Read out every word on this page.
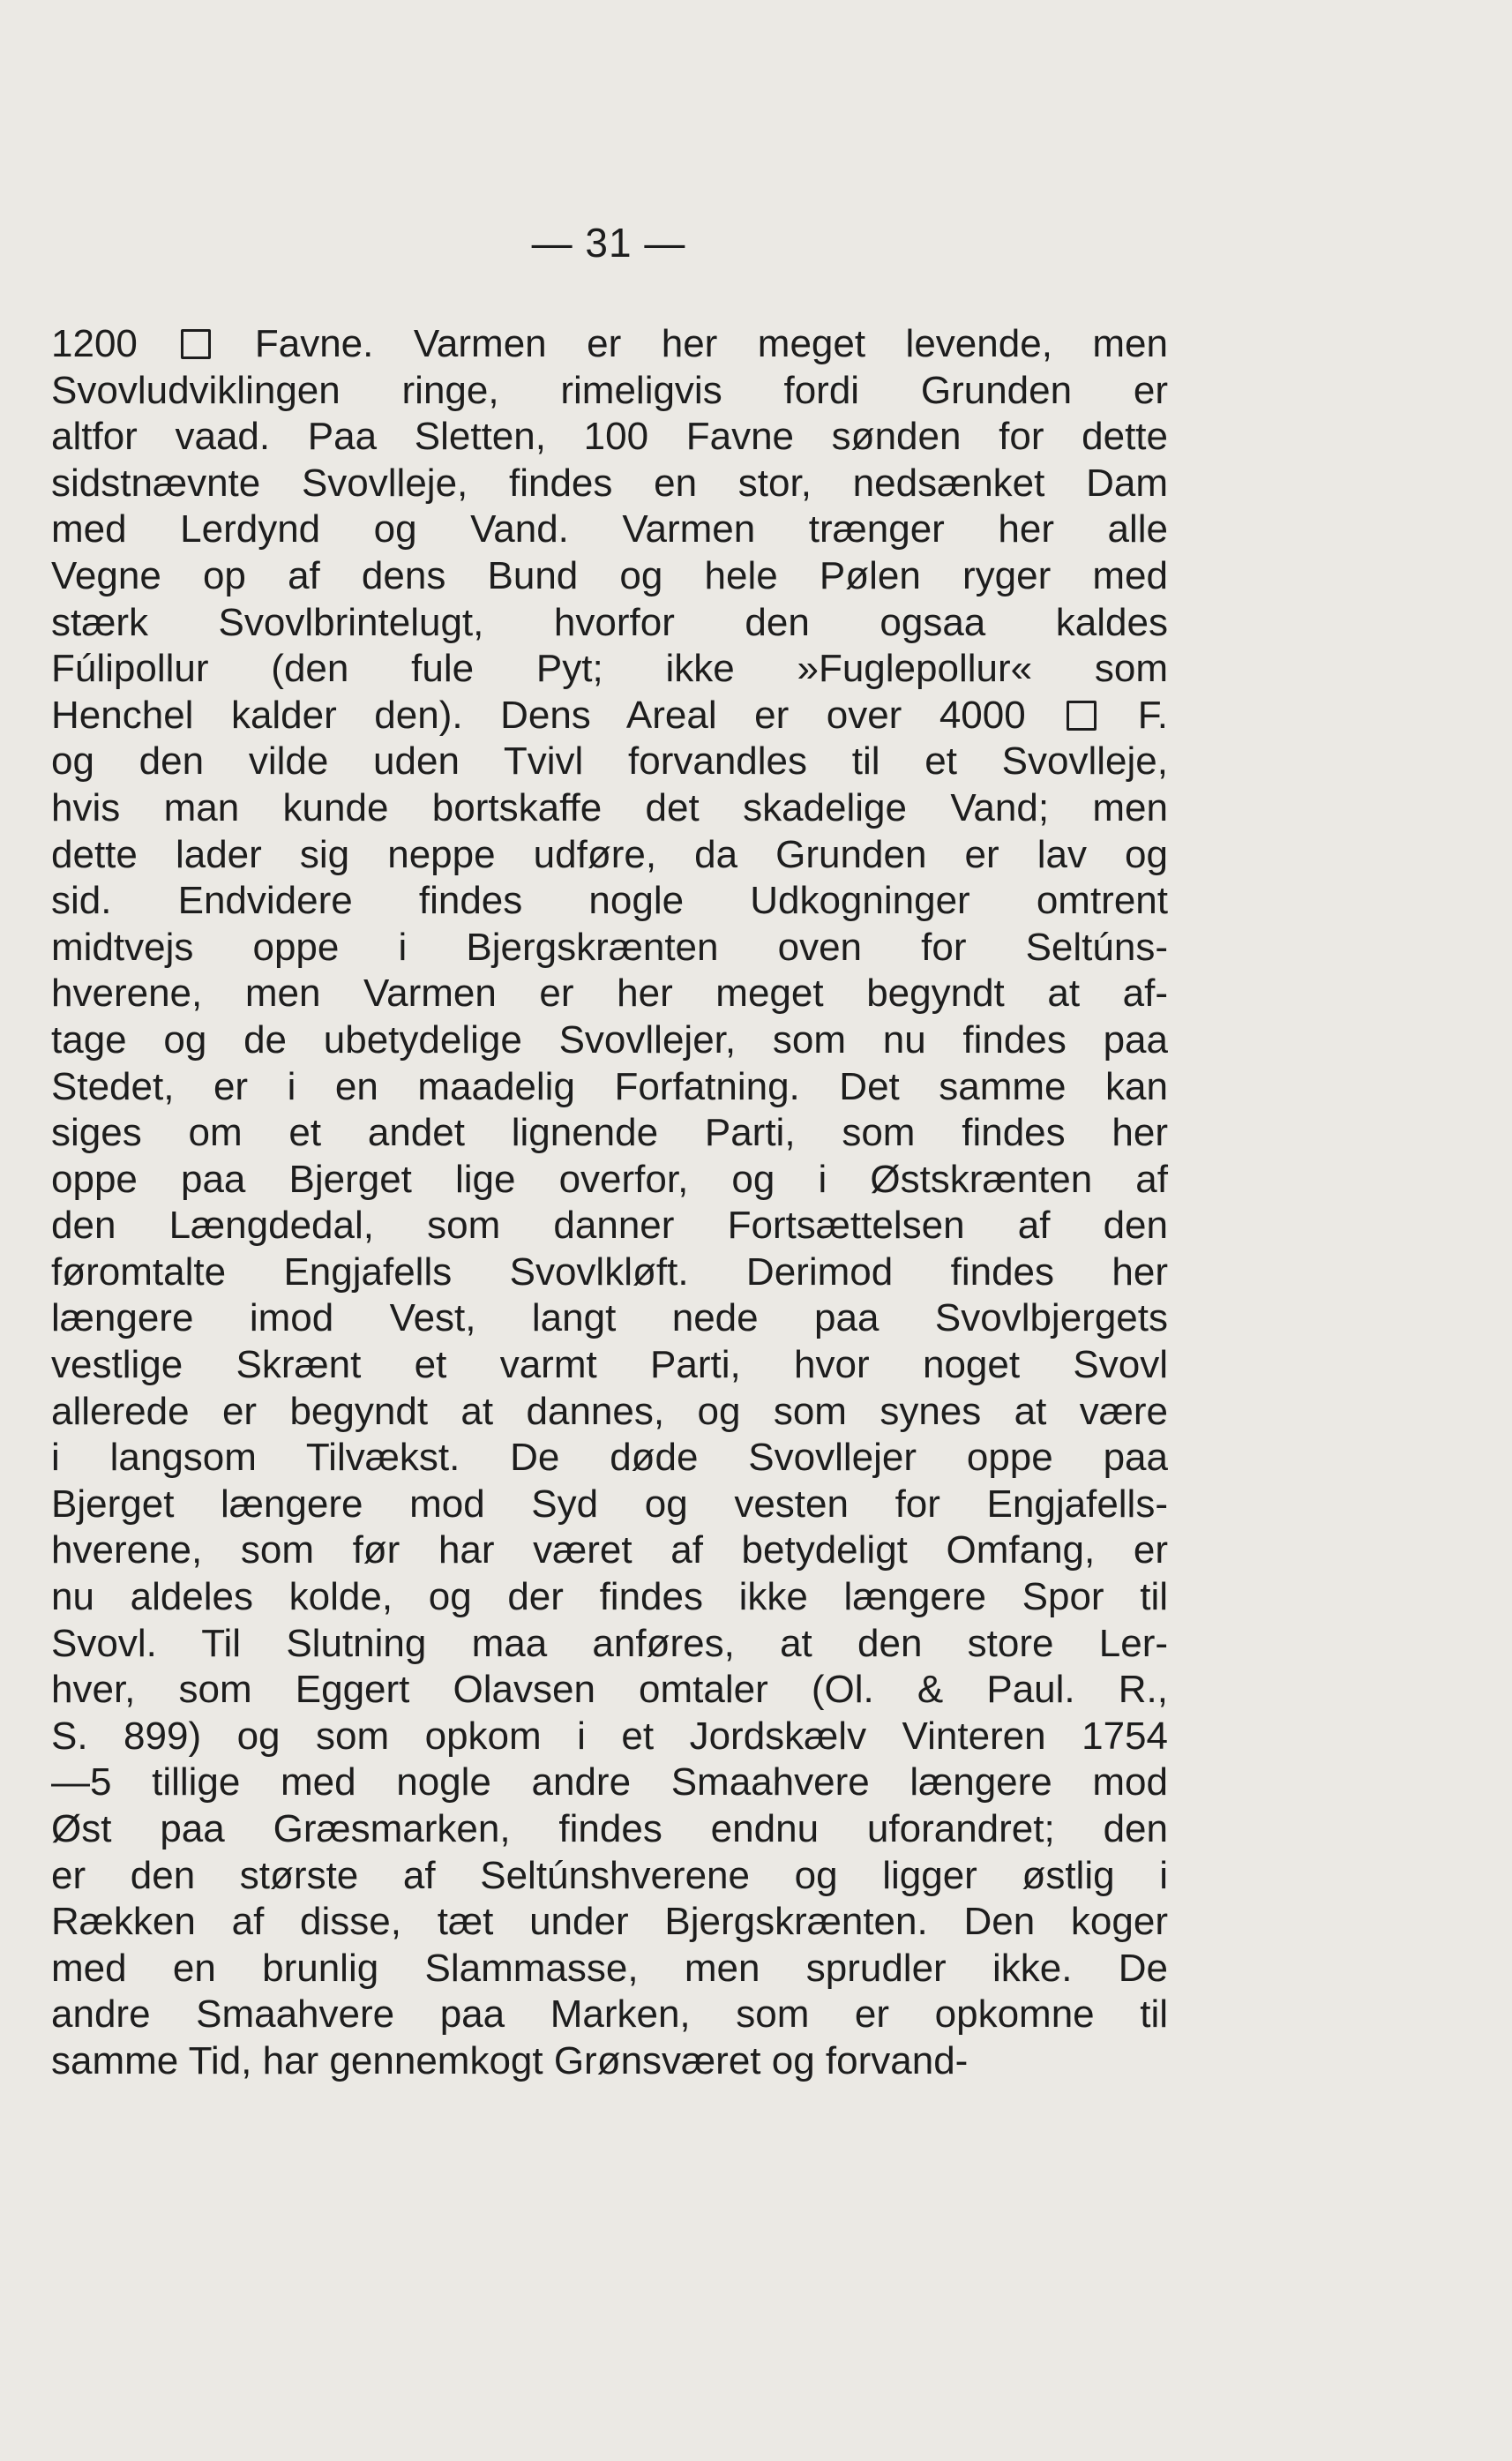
— 31 —
1200	Favne. Varmen er her meget levende, men
Svovludviklingen ringe, rimeligvis fordi Grunden er
altfor vaad. Paa Sletten, 100 Favne sønden for dette
sidstnævnte Svovlleje, findes en stor, nedsænket Dam
med Lerdynd og Vand. Varmen trænger her alle
Vegne op af dens Bund og hele Pølen ryger med
stærk Svovlbrintelugt, hvorfor den ogsaa kaldes
Fúlipollur (den fule Pyt; ikke »Fuglepollur« som
Henchel kalder den). Dens Areal er over 4000	F.
og den vilde uden Tvivl forvandles til et Svovlleje,
hvis man kunde bortskaffe det skadelige Vand; men
dette lader sig neppe udføre, da Grunden er lav og
sid. Endvidere findes nogle Udkogninger omtrent
midtvejs oppe i Bjergskrænten oven for Seltúns-
hverene, men Varmen er her meget begyndt at af-
tage og de ubetydelige Svovllejer, som nu findes paa
Stedet, er i en maadelig Forfatning. Det samme kan
siges om et andet lignende Parti, som findes her
oppe paa Bjerget lige overfor, og i Østskrænten af
den Længdedal, som danner Fortsættelsen af den
føromtalte Engjafells Svovlkløft. Derimod findes her
længere imod Vest, langt nede paa Svovlbjergets
vestlige Skrænt et varmt Parti, hvor noget Svovl
allerede er begyndt at dannes, og som synes at være
i langsom Tilvækst. De døde Svovllejer oppe paa
Bjerget længere mod Syd og vesten for Engjafells-
hverene, som før har været af betydeligt Omfang, er
nu aldeles kolde, og der findes ikke længere Spor til
Svovl. Til Slutning maa anføres, at den store Ler-
hver, som Eggert Olavsen omtaler (Ol. & Paul. R.,
S. 899) og som opkom i et Jordskælv Vinteren 1754
—5 tillige med nogle andre Smaahvere længere mod
Øst paa Græsmarken, findes endnu uforandret; den
er den største af Seltúnshverene og ligger østlig i
Rækken af disse, tæt under Bjergskrænten. Den koger
med en brunlig Slammasse, men sprudler ikke. De
andre Smaahvere paa Marken, som er opkomne til
samme Tid, har gennemkogt Grønsværet og forvand-
